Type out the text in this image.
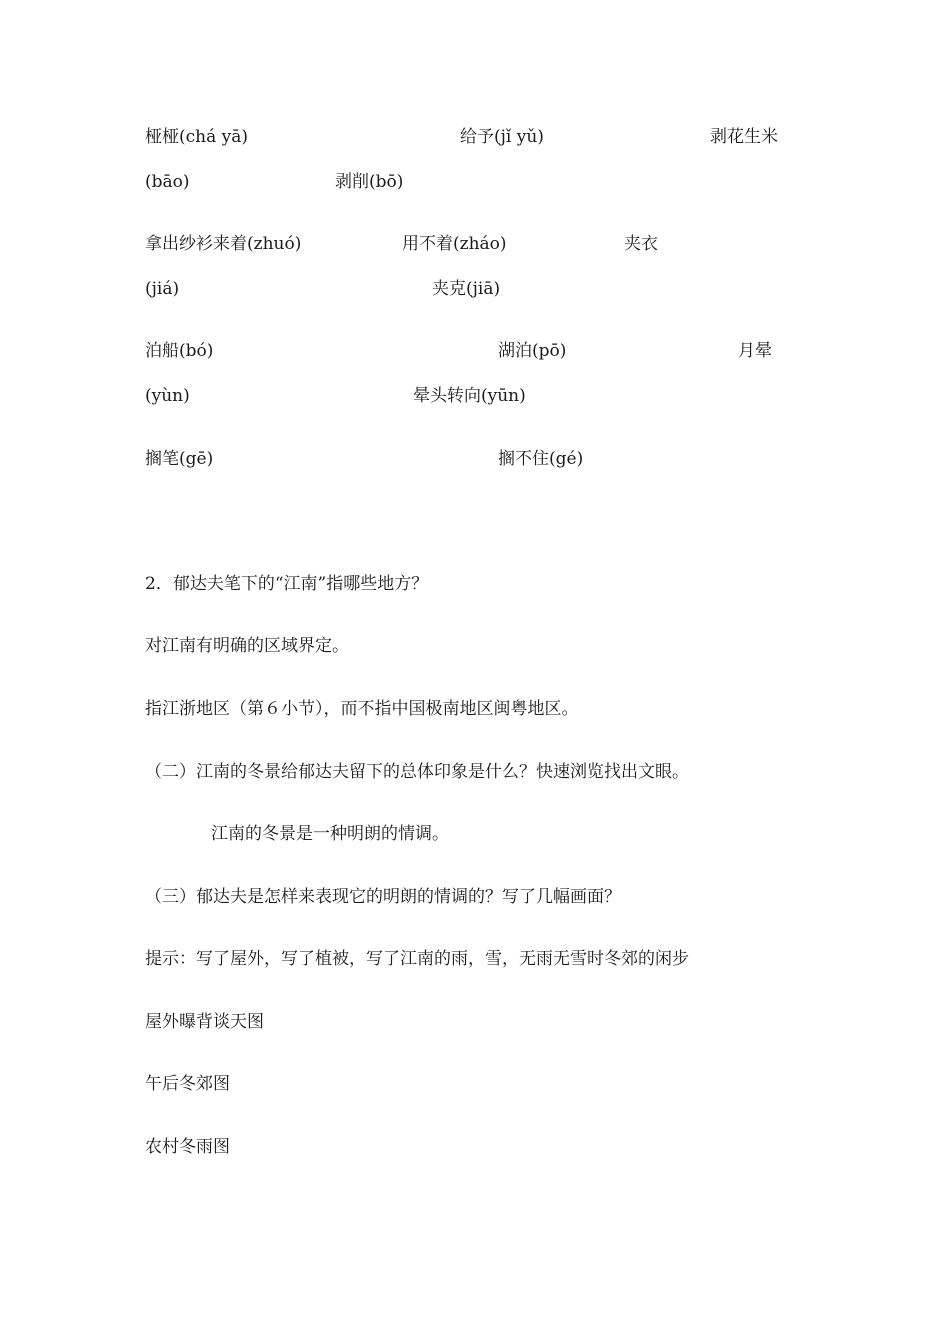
桠桠(chá yā)	给予(jǐ yǔ)	剥花生米
(bāo)	剥削(bō)
拿出纱衫来着(zhuó)	用不着(zháo)	夹衣
(jiá)	夹克(jiā)
泊船(bó)	湖泊(pō)	月晕
(yùn)	晕头转向(yūn)
搁笔(gē)	搁不住(gé)
2．郁达夫笔下的“江南”指哪些地方？
对江南有明确的区域界定。
指江浙地区（第６小节），而不指中国极南地区闽粤地区。
（二）江南的冬景给郁达夫留下的总体印象是什么？快速浏览找出文眼。
江南的冬景是一种明朗的情调。
（三）郁达夫是怎样来表现它的明朗的情调的？写了几幅画面？
提示：写了屋外，写了植被，写了江南的雨，雪，无雨无雪时冬郊的闲步
屋外曝背谈天图
午后冬郊图
农村冬雨图
